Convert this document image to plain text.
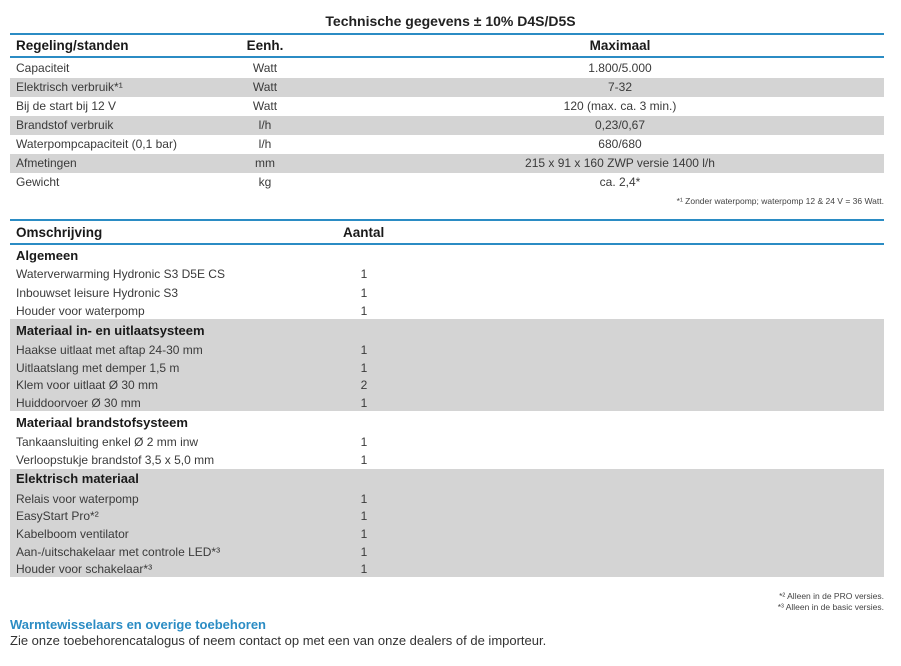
Technische gegevens ± 10% D4S/D5S
Regeling/standen	Eenh.	Maximaal
Capaciteit	Watt	1.800/5.000
Elektrisch verbruik*¹	Watt	7-32
Bij de start bij 12 V	Watt	120 (max. ca. 3 min.)
Brandstof verbruik	l/h	0,23/0,67
Waterpompcapaciteit (0,1 bar)	l/h	680/680
Afmetingen	mm	215 x 91 x 160 ZWP versie 1400 l/h
Gewicht	kg	ca. 2,4*
*¹ Zonder waterpomp; waterpomp 12 & 24 V = 36 Watt.
Omschrijving	Aantal
Algemeen
Waterverwarming Hydronic S3 D5E CS	1
Inbouwset leisure Hydronic S3	1
Houder voor waterpomp	1
Materiaal in- en uitlaatsysteem
Haakse uitlaat met aftap 24-30 mm	1
Uitlaatslang met demper 1,5 m	1
Klem voor uitlaat Ø 30 mm	2
Huiddoorvoer Ø 30 mm	1
Materiaal brandstofsysteem
Tankaansluiting enkel Ø 2 mm inw	1
Verloopstukje brandstof 3,5 x 5,0 mm	1
Elektrisch materiaal
Relais voor waterpomp	1
EasyStart Pro*²	1
Kabelboom ventilator	1
Aan-/uitschakelaar met controle LED*³	1
Houder voor schakelaar*³	1
*² Alleen in de PRO versies.
*³ Alleen in de basic versies.
Warmtewisselaars en overige toebehoren
Zie onze toebehorencatalogus of neem contact op met een van onze dealers of de importeur.
